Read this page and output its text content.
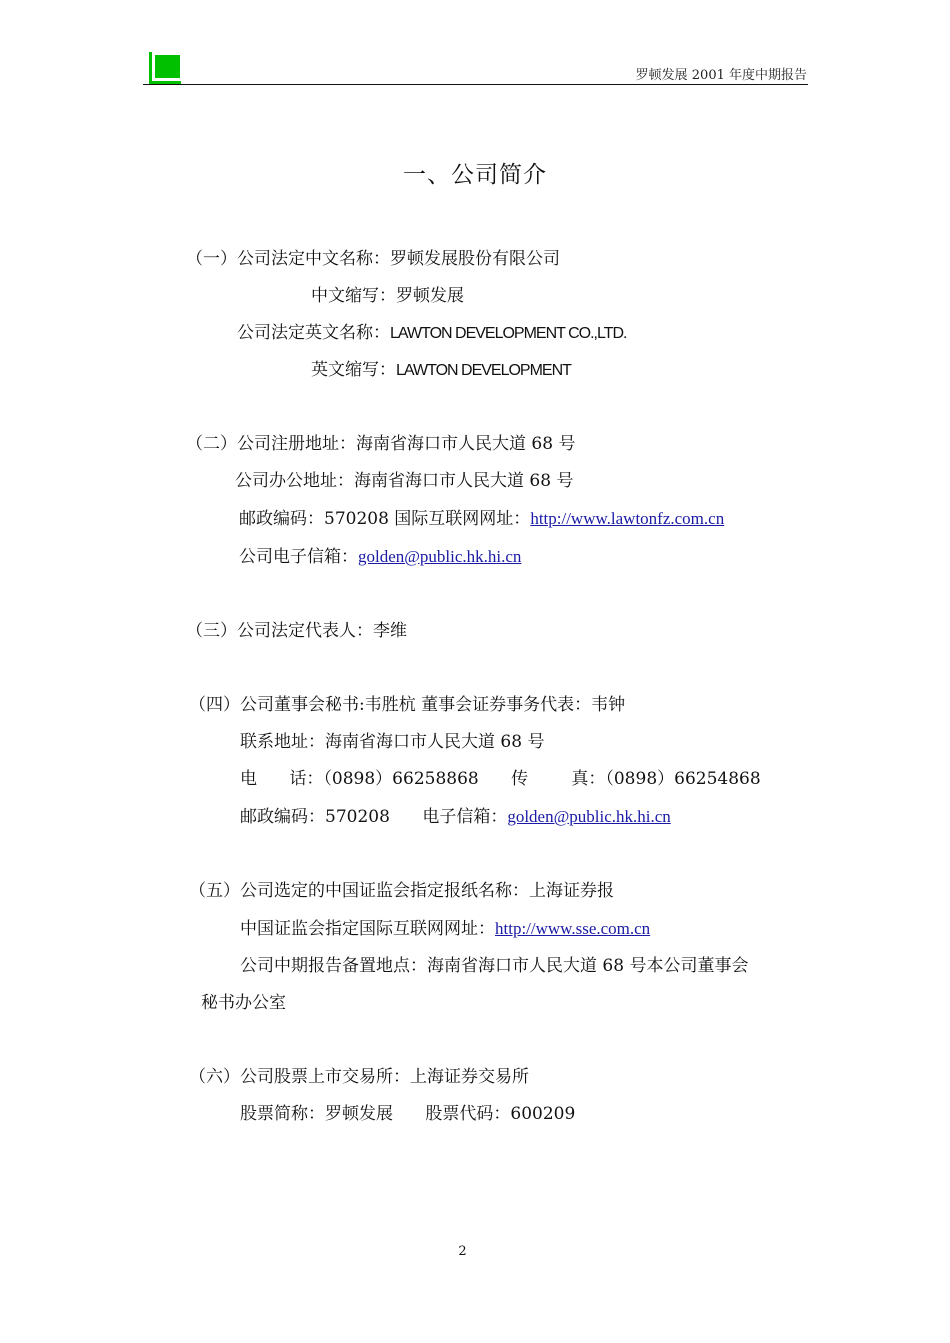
罗顿发展 2001 年度中期报告
一、公司简介
（一）公司法定中文名称：罗顿发展股份有限公司
中文缩写：罗顿发展
公司法定英文名称：LAWTON DEVELOPMENT CO.,LTD.
英文缩写：LAWTON DEVELOPMENT
（二）公司注册地址：海南省海口市人民大道 68 号
公司办公地址：海南省海口市人民大道 68 号
邮政编码：570208 国际互联网网址：http://www.lawtonfz.com.cn
公司电子信箱：golden@public.hk.hi.cn
（三）公司法定代表人：李维
（四）公司董事会秘书:韦胜杭 董事会证券事务代表：韦钟
联系地址：海南省海口市人民大道 68 号
电      话：（0898）66258868      传        真：（0898）66254868
邮政编码：570208      电子信箱：golden@public.hk.hi.cn
（五）公司选定的中国证监会指定报纸名称：上海证券报
中国证监会指定国际互联网网址：http://www.sse.com.cn
公司中期报告备置地点：海南省海口市人民大道 68 号本公司董事会
秘书办公室
（六）公司股票上市交易所：上海证券交易所
股票简称：罗顿发展      股票代码：600209
2
